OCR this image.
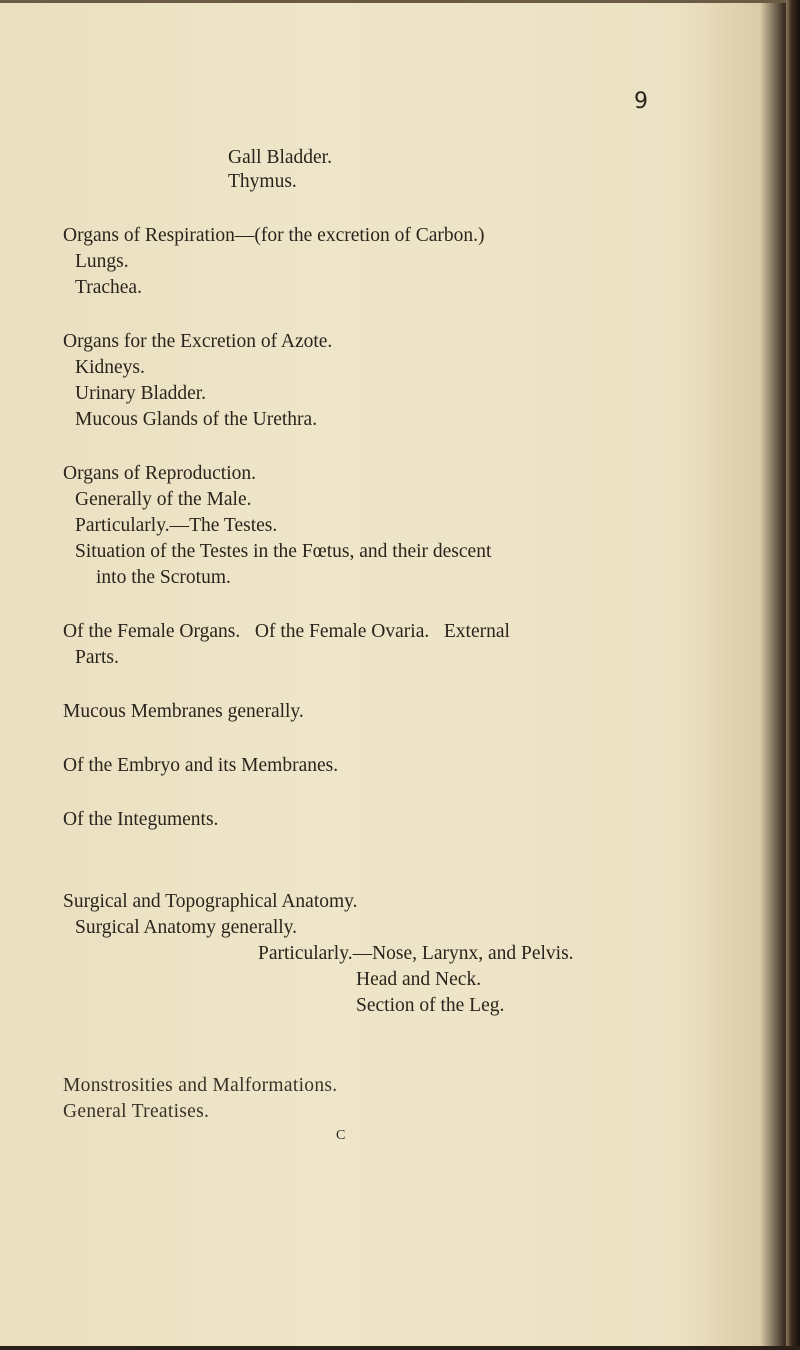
9
Gall Bladder.
Thymus.
Organs of Respiration—(for the excretion of Carbon.)
Lungs.
Trachea.
Organs for the Excretion of Azote.
Kidneys.
Urinary Bladder.
Mucous Glands of the Urethra.
Organs of Reproduction.
Generally of the Male.
Particularly.—The Testes.
Situation of the Testes in the Fœtus, and their descent
into the Scrotum.
Of the Female Organs.   Of the Female Ovaria.   External
Parts.
Mucous Membranes generally.
Of the Embryo and its Membranes.
Of the Integuments.
Surgical and Topographical Anatomy.
Surgical Anatomy generally.
Particularly.—Nose, Larynx, and Pelvis.
Head and Neck.
Section of the Leg.
Monstrosities and Malformations.
General Treatises.
C
